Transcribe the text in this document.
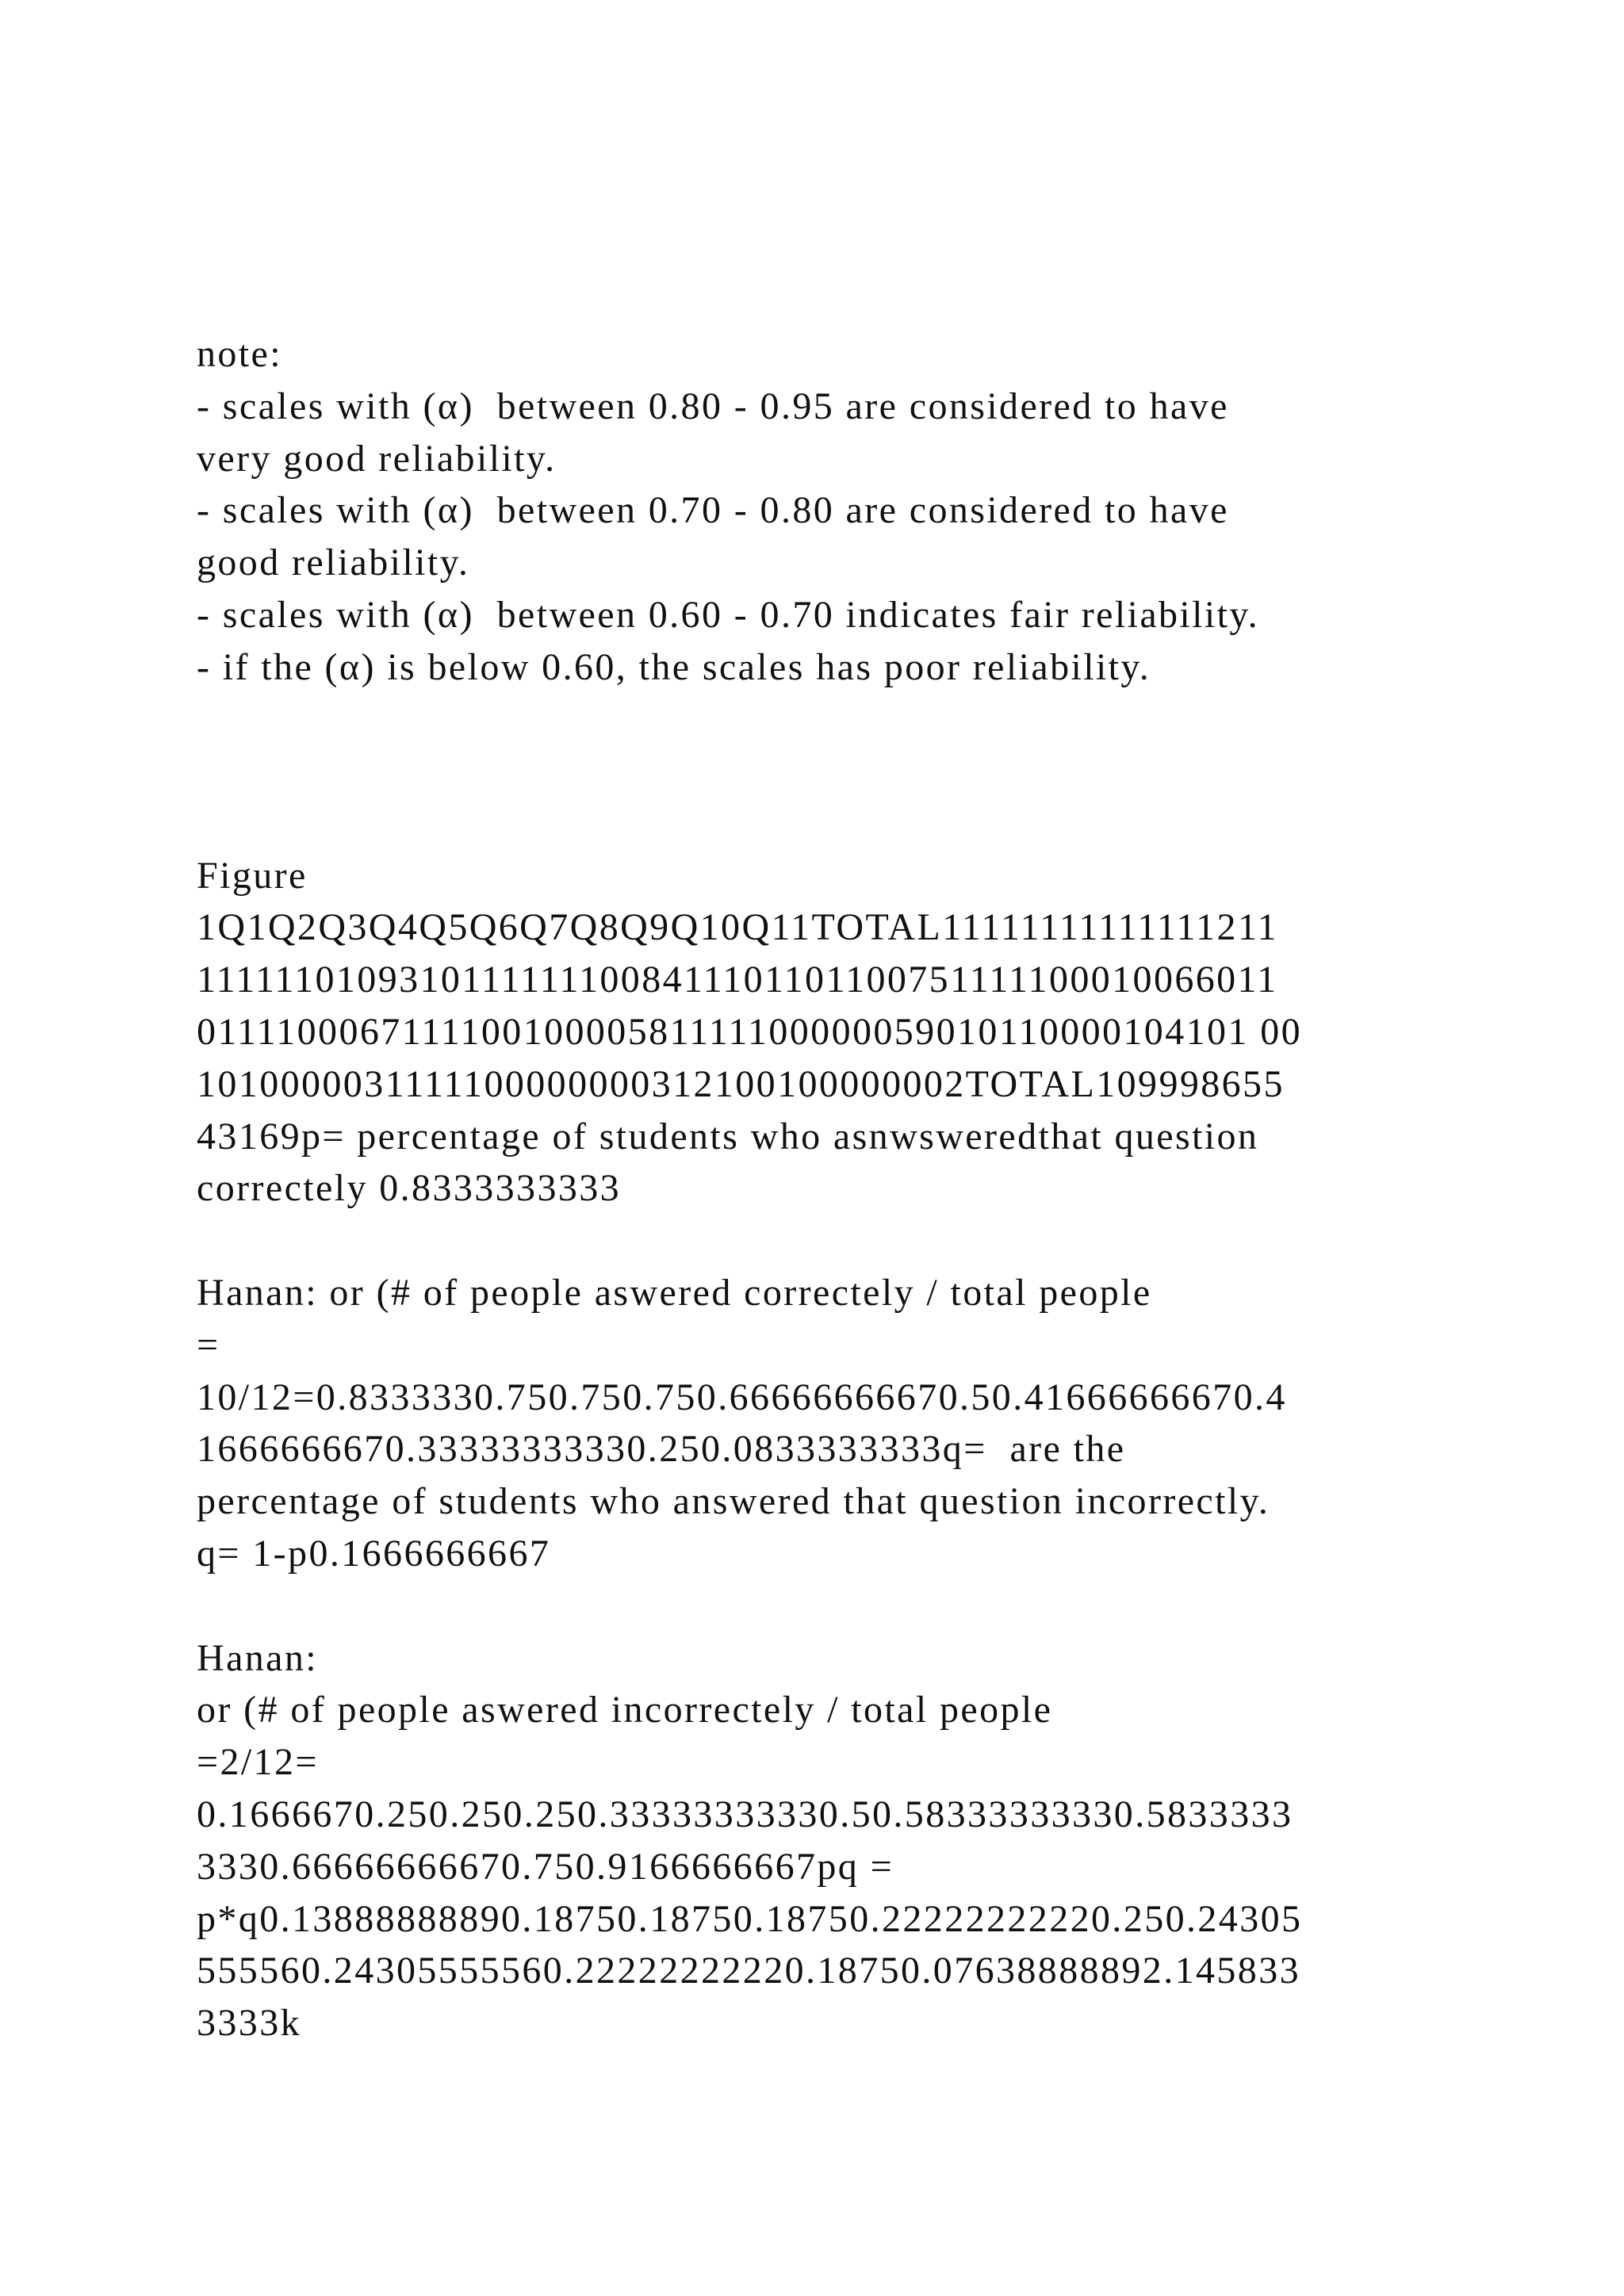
note:
- scales with (α)  between 0.80 - 0.95 are considered to have
very good reliability.
- scales with (α)  between 0.70 - 0.80 are considered to have
good reliability.
- scales with (α)  between 0.60 - 0.70 indicates fair reliability.
- if the (α) is below 0.60, the scales has poor reliability.
Figure
1Q1Q2Q3Q4Q5Q6Q7Q8Q9Q10Q11TOTAL11111111111111211
11111101093101111111008411101101100751111100010066011
011110006711110010000581111100000059010110000104101 00
1010000031111100000000312100100000002TOTAL109998655
43169p= percentage of students who asnwsweredthat question
correctely 0.8333333333
Hanan: or (# of people aswered correctely / total people
=
10/12=0.8333330.750.750.750.66666666670.50.41666666670.4
1666666670.33333333330.250.0833333333q=  are the
percentage of students who answered that question incorrectly.
q= 1-p0.1666666667
Hanan:
or (# of people aswered incorrectely / total people
=2/12=
0.1666670.250.250.250.33333333330.50.58333333330.5833333
3330.66666666670.750.9166666667pq =
p*q0.13888888890.18750.18750.18750.22222222220.250.24305
555560.24305555560.22222222220.18750.07638888892.145833
3333k
